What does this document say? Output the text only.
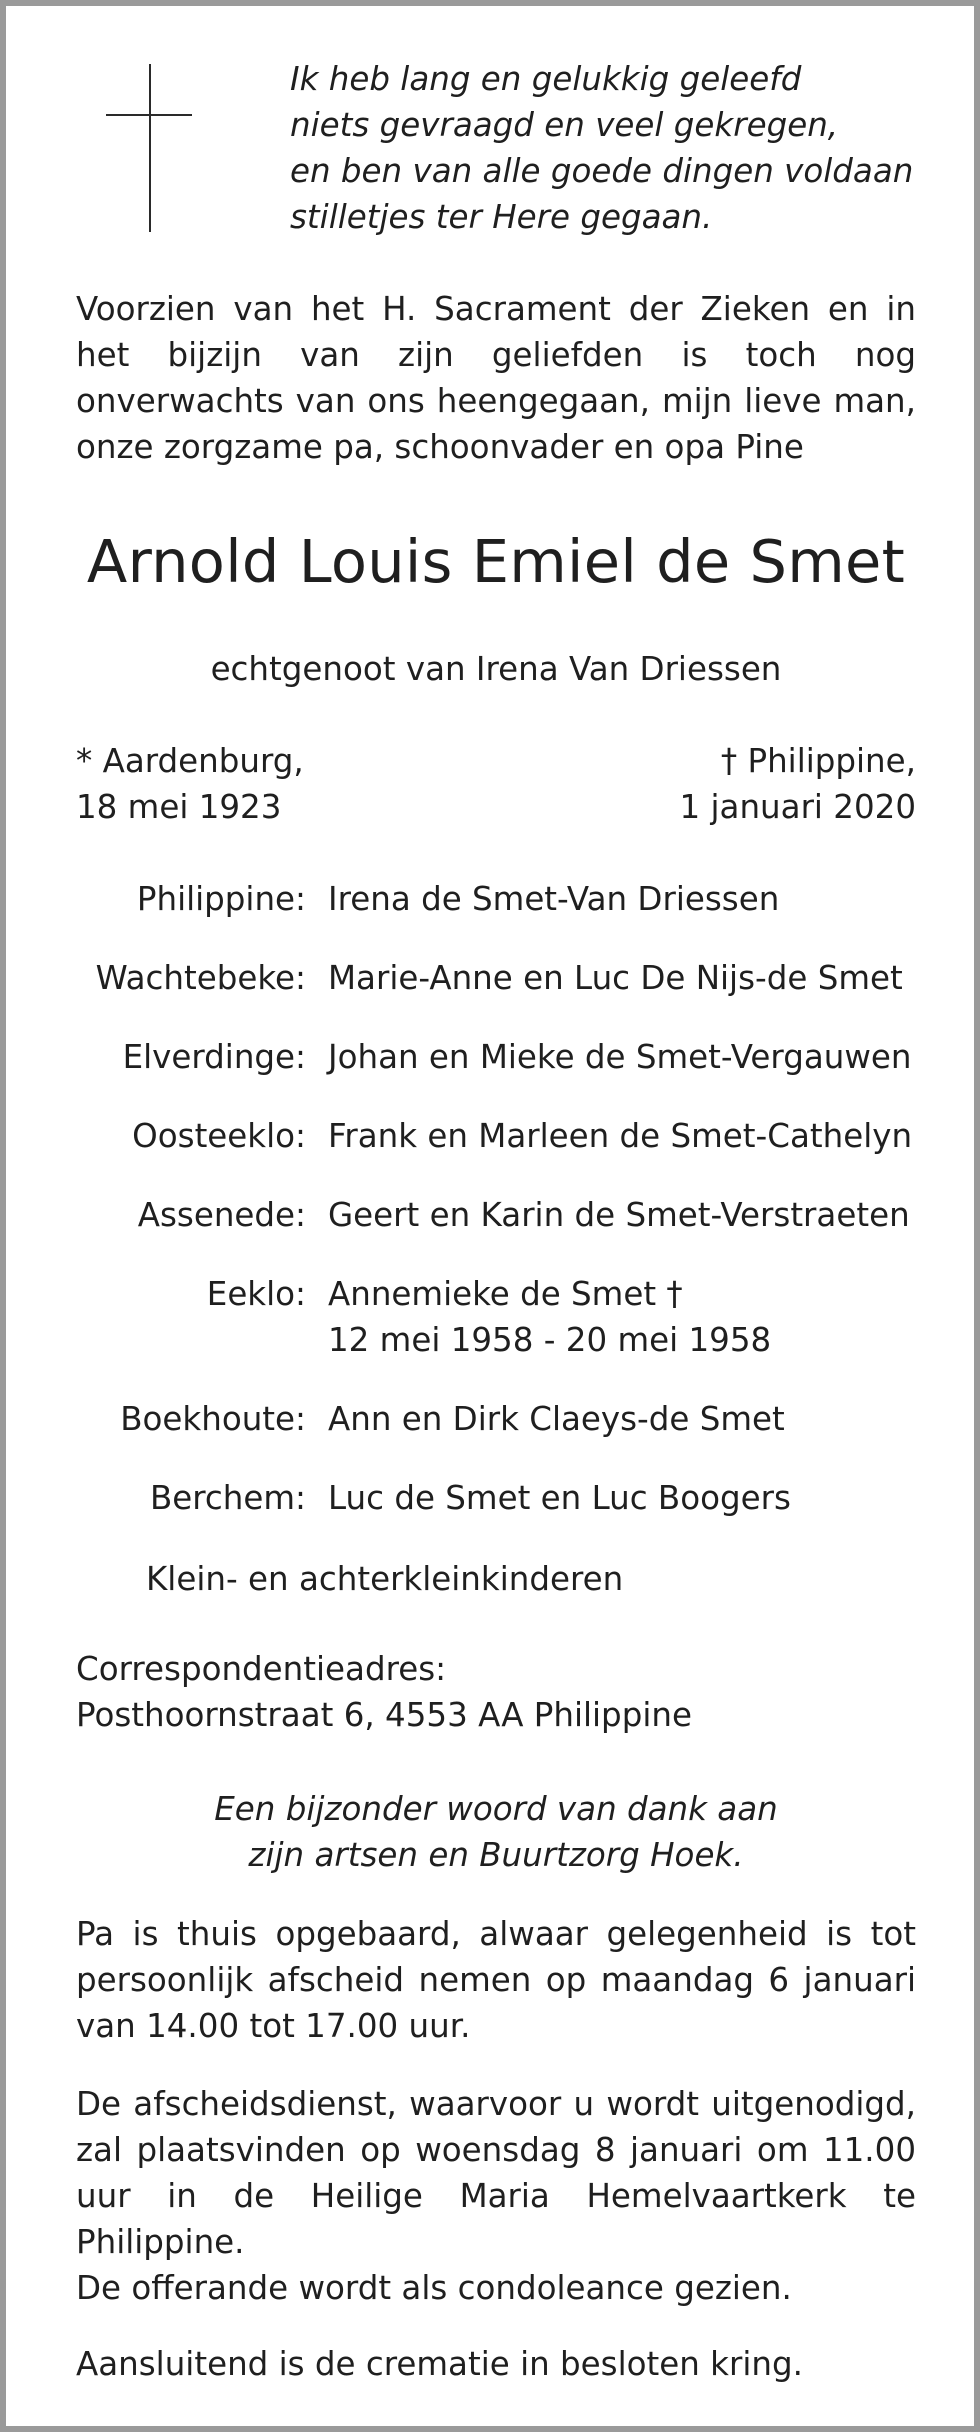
Ik heb lang en gelukkig geleefd
niets gevraagd en veel gekregen,
en ben van alle goede dingen voldaan
stilletjes ter Here gegaan.
Voorzien van het H. Sacrament der Zieken en in het bijzijn van zijn geliefden is toch nog onverwachts van ons heengegaan, mijn lieve man, onze zorgzame pa, schoonvader en opa Pine
Arnold Louis Emiel de Smet
echtgenoot van Irena Van Driessen
* Aardenburg,
18 mei 1923
† Philippine,
1 januari 2020
Philippine: Irena de Smet-Van Driessen
Wachtebeke: Marie-Anne en Luc De Nijs-de Smet
Elverdinge: Johan en Mieke de Smet-Vergauwen
Oosteeklo: Frank en Marleen de Smet-Cathelyn
Assenede: Geert en Karin de Smet-Verstraeten
Eeklo: Annemieke de Smet †
12 mei 1958 - 20 mei 1958
Boekhoute: Ann en Dirk Claeys-de Smet
Berchem: Luc de Smet en Luc Boogers
Klein- en achterkleinkinderen
Correspondentieadres:
Posthoornstraat 6, 4553 AA Philippine
Een bijzonder woord van dank aan
zijn artsen en Buurtzorg Hoek.
Pa is thuis opgebaard, alwaar gelegenheid is tot persoonlijk afscheid nemen op maandag 6 januari van 14.00 tot 17.00 uur.
De afscheidsdienst, waarvoor u wordt uitgenodigd, zal plaatsvinden op woensdag 8 januari om 11.00 uur in de Heilige Maria Hemelvaartkerk te Philippine.
De offerande wordt als condoleance gezien.
Aansluitend is de crematie in besloten kring.
